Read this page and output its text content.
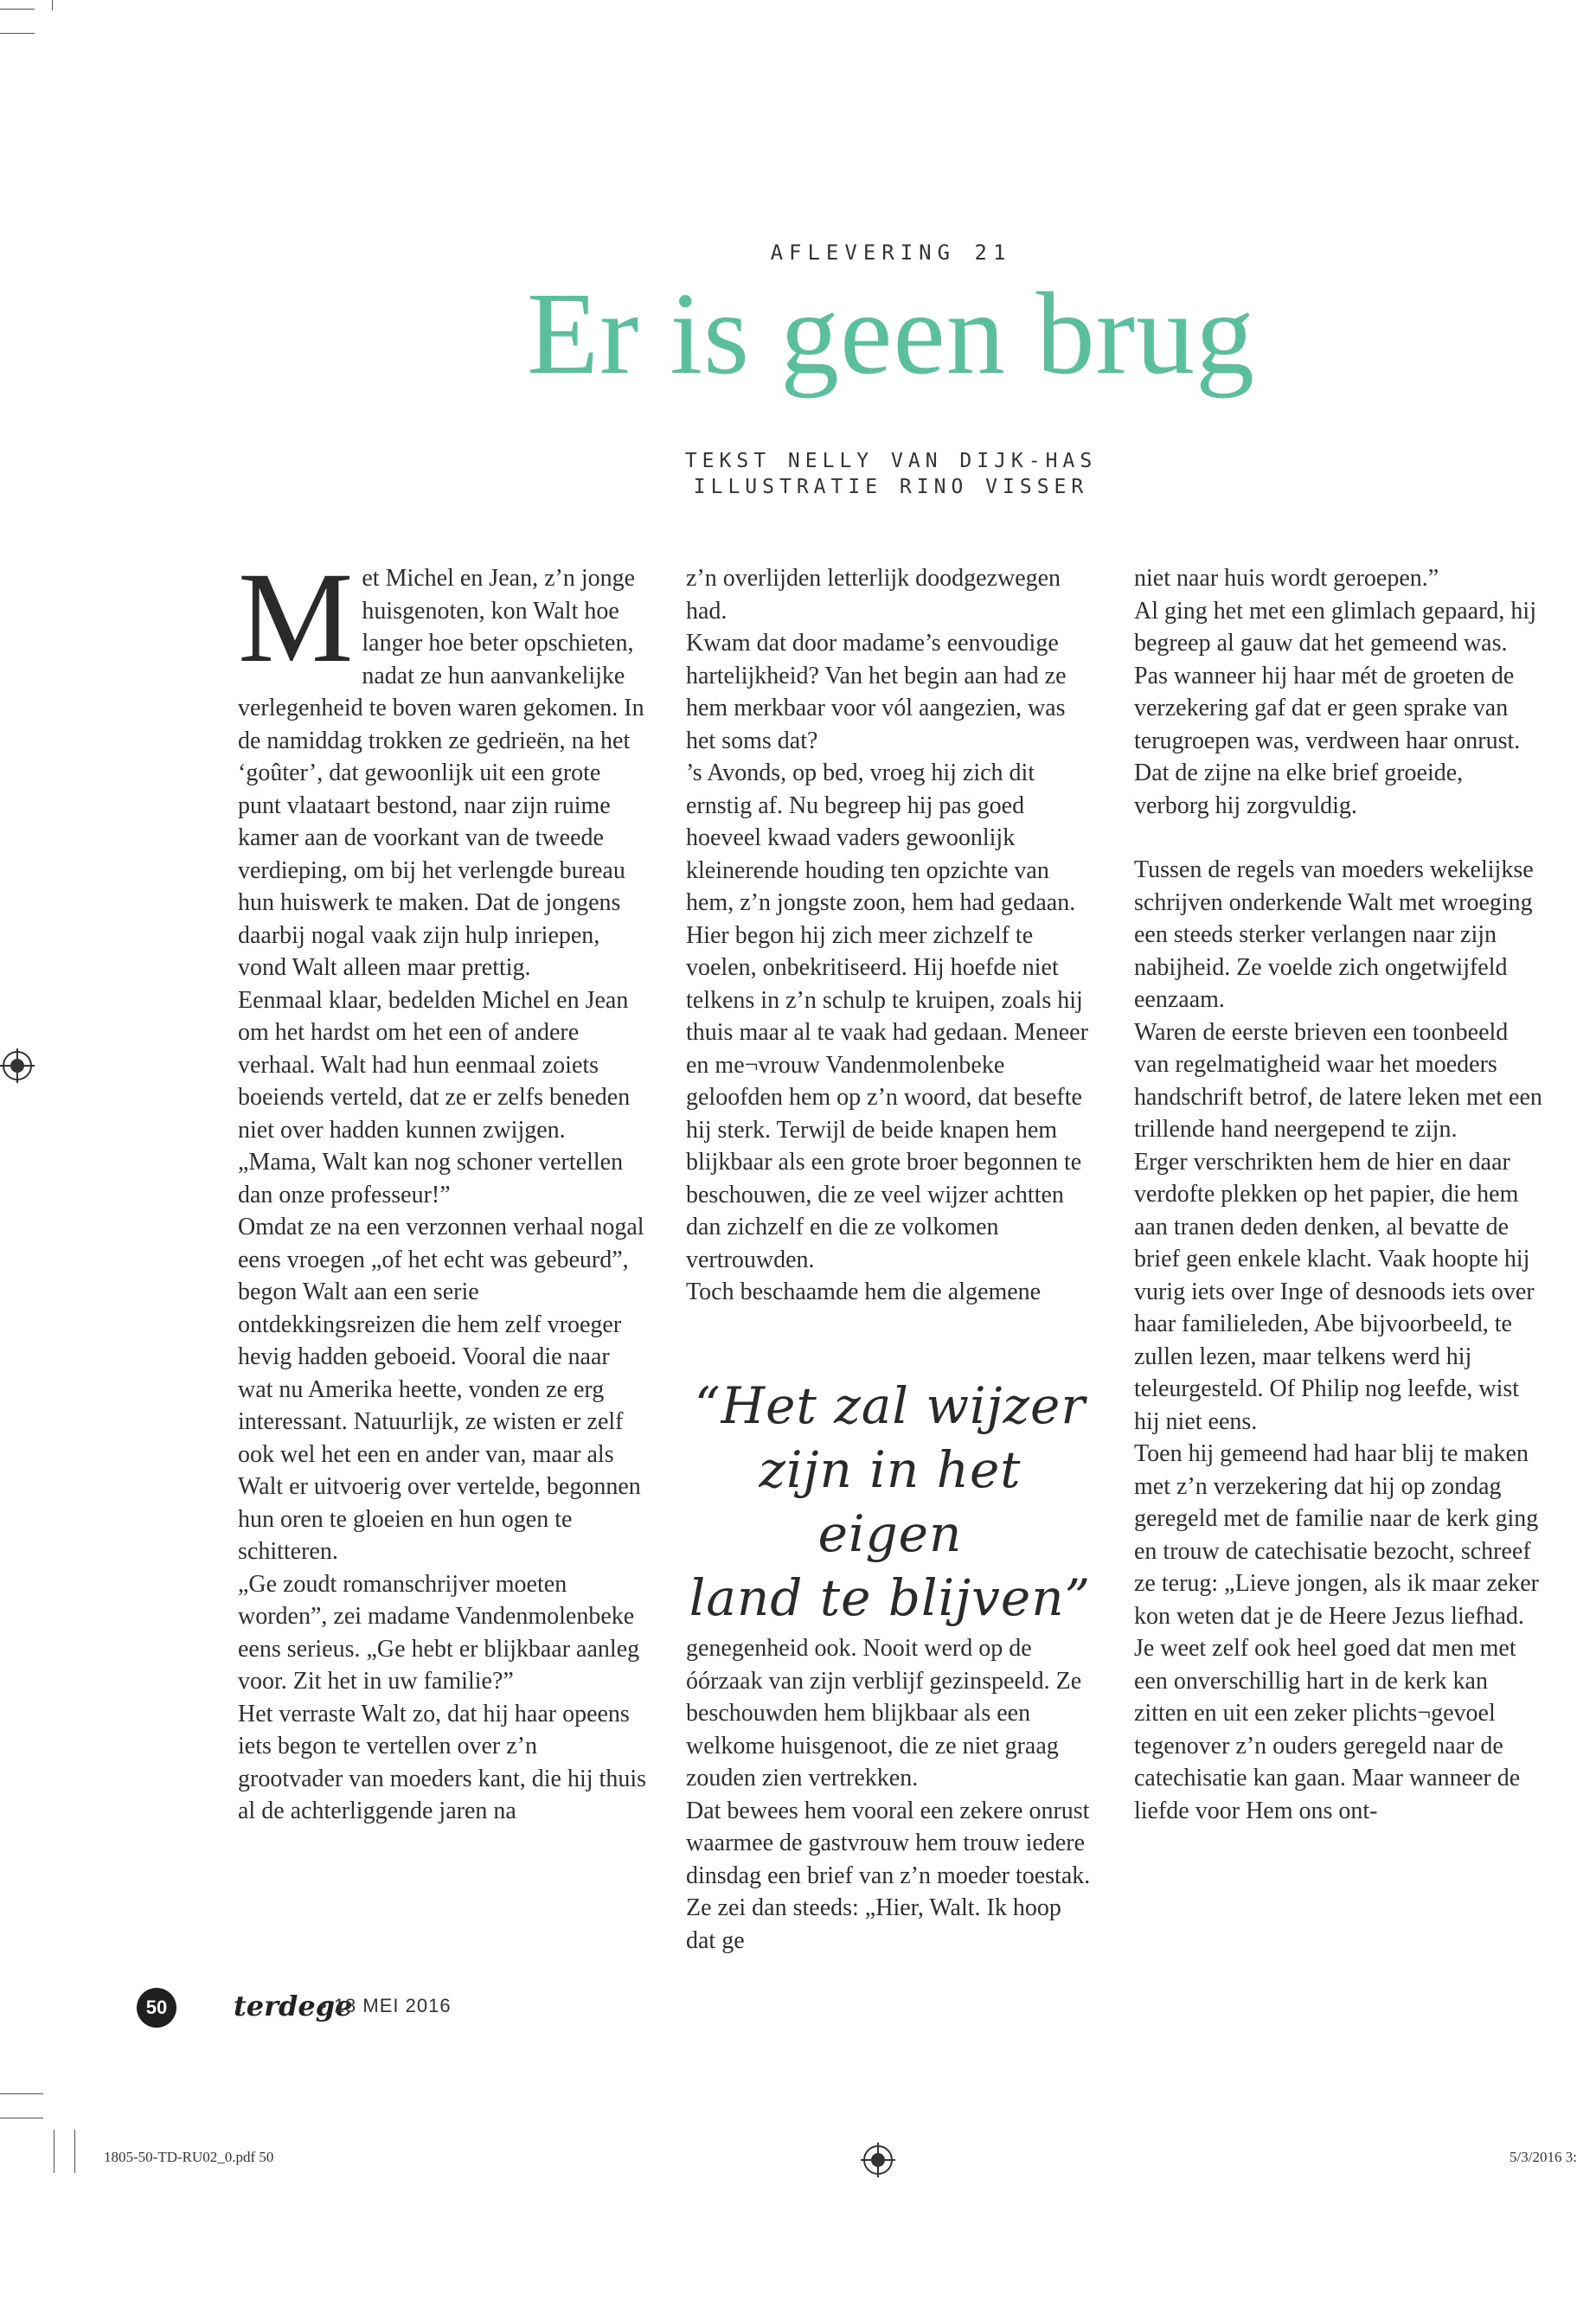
AFLEVERING 21
Er is geen brug
TEKST NELLY VAN DIJK-HAS
ILLUSTRATIE RINO VISSER
M et Michel en Jean, z’n jonge huisgenoten, kon Walt hoe langer hoe beter opschieten, nadat ze hun aanvankelijke verlegenheid te boven waren gekomen. In de namiddag trokken ze gedrieën, na het ‘goûter’, dat gewoonlijk uit een grote punt vlaataart bestond, naar zijn ruime kamer aan de voorkant van de tweede verdieping, om bij het verlengde bureau hun huiswerk te maken. Dat de jongens daarbij nogal vaak zijn hulp inriepen, vond Walt alleen maar prettig.

Eenmaal klaar, bedelden Michel en Jean om het hardst om het een of andere verhaal. Walt had hun eenmaal zoiets boeiends verteld, dat ze er zelfs beneden niet over hadden kunnen zwijgen. „Mama, Walt kan nog schoner vertellen dan onze professeur!”

Omdat ze na een verzonnen verhaal nogal eens vroegen „of het echt was gebeurd”, begon Walt aan een serie ontdekkingsreizen die hem zelf vroeger hevig hadden geboeid. Vooral die naar wat nu Amerika heette, vonden ze erg interessant. Natuurlijk, ze wisten er zelf ook wel het een en ander van, maar als Walt er uitvoerig over vertelde, begonnen hun oren te gloeien en hun ogen te schitteren.

„Ge zoudt romanschrijver moeten worden”, zei madame Vandenmolenbeke eens serieus. „Ge hebt er blijkbaar aanleg voor. Zit het in uw familie?”

Het verraste Walt zo, dat hij haar opeens iets begon te vertellen over z’n grootvader van moeders kant, die hij thuis al de achterliggende jaren na

z’n overlijden letterlijk doodgezwegen had.

Kwam dat door madame’s eenvoudige hartelijkheid? Van het begin aan had ze hem merkbaar voor vól aangezien, was het soms dat?

’s Avonds, op bed, vroeg hij zich dit ernstig af. Nu begreep hij pas goed hoeveel kwaad vaders gewoonlijk kleinerende houding ten opzichte van hem, z’n jongste zoon, hem had gedaan. Hier begon hij zich meer zichzelf te voelen, onbekritiseerd. Hij hoefde niet telkens in z’n schulp te kruipen, zoals hij thuis maar al te vaak had gedaan. Meneer en me¬vrouw Vandenmolenbeke geloofden hem op z’n woord, dat besefte hij sterk. Terwijl de beide knapen hem blijkbaar als een grote broer begonnen te beschouwen, die ze veel wijzer achtten dan zichzelf en die ze volkomen vertrouwden.

Toch beschaamde hem die algemene

“Het zal wijzer
zijn in het eigen
land te blijven”

genegenheid ook. Nooit werd op de óórzaak van zijn verblijf gezinspeeld. Ze beschouwden hem blijkbaar als een welkome huisgenoot, die ze niet graag zouden zien vertrekken.

Dat bewees hem vooral een zekere onrust waarmee de gastvrouw hem trouw iedere dinsdag een brief van z’n moeder toestak. Ze zei dan steeds: „Hier, Walt. Ik hoop dat ge

niet naar huis wordt geroepen.”

Al ging het met een glimlach gepaard, hij begreep al gauw dat het gemeend was. Pas wanneer hij haar mét de groeten de verzekering gaf dat er geen sprake van terugroepen was, verdween haar onrust. Dat de zijne na elke brief groeide, verborg hij zorgvuldig.

Tussen de regels van moeders wekelijkse schrijven onderkende Walt met wroeging een steeds sterker verlangen naar zijn nabijheid. Ze voelde zich ongetwijfeld eenzaam.

Waren de eerste brieven een toonbeeld van regelmatigheid waar het moeders handschrift betrof, de latere leken met een trillende hand neergepend te zijn.

Erger verschrikten hem de hier en daar verdofte plekken op het papier, die hem aan tranen deden denken, al bevatte de brief geen enkele klacht. Vaak hoopte hij vurig iets over Inge of desnoods iets over haar familieleden, Abe bijvoorbeeld, te zullen lezen, maar telkens werd hij teleurgesteld. Of Philip nog leefde, wist hij niet eens.

Toen hij gemeend had haar blij te maken met z’n verzekering dat hij op zondag geregeld met de familie naar de kerk ging en trouw de catechisatie bezocht, schreef ze terug: „Lieve jongen, als ik maar zeker kon weten dat je de Heere Jezus liefhad. Je weet zelf ook heel goed dat men met een onverschillig hart in de kerk kan zitten en uit een zeker plichts¬gevoel tegenover z’n ouders geregeld naar de catechisatie kan gaan. Maar wanneer de liefde voor Hem ons ont-

50	terdege
• 18 MEI 2016
1805-50-TD-RU02_0.pdf 50	5/3/2016 3:
